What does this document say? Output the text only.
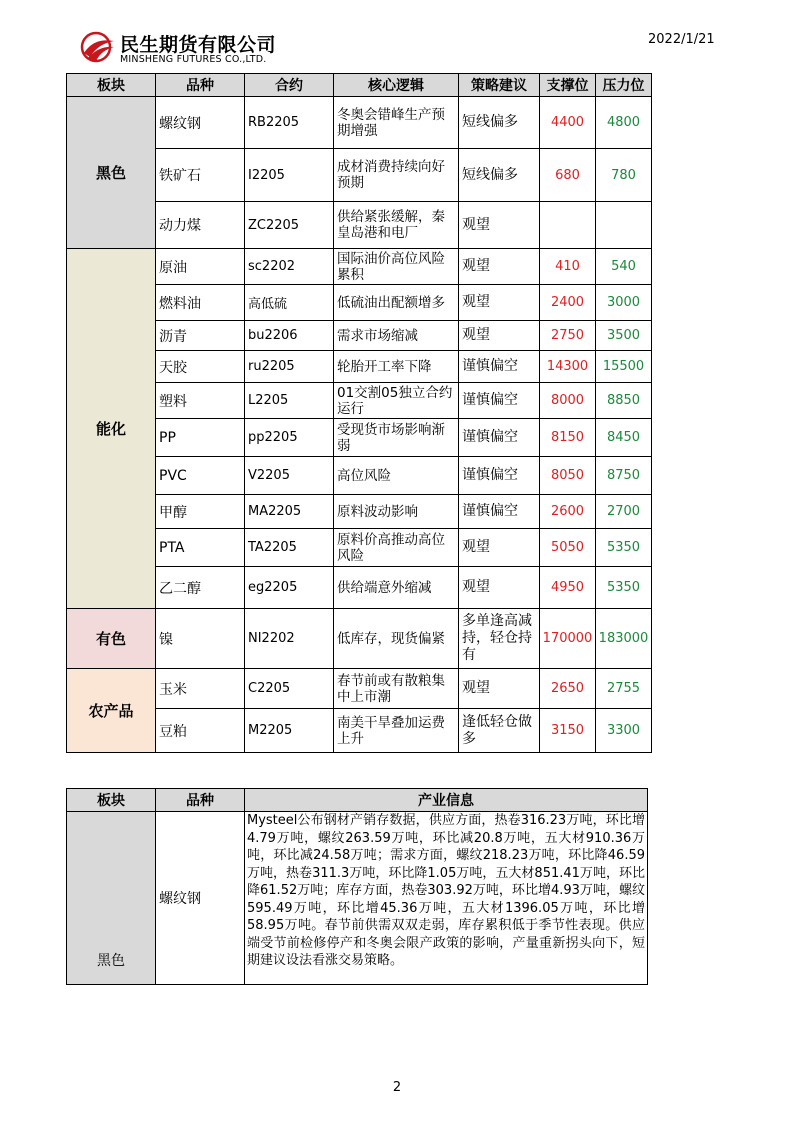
民生期货有限公司
MINSHENG FUTURES CO.,LTD.
2022/1/21
板块	品种	合约	核心逻辑	策略建议	支撑位	压力位
黑色	螺纹钢	RB2205	冬奥会错峰生产预期增强	短线偏多	4400	4800
	铁矿石	I2205	成材消费持续向好预期	短线偏多	680	780
	动力煤	ZC2205	供给紧张缓解，秦皇岛港和电厂	观望		
能化	原油	sc2202	国际油价高位风险累积	观望	410	540
	燃料油	高低硫	低硫油出配额增多	观望	2400	3000
	沥青	bu2206	需求市场缩减	观望	2750	3500
	天胶	ru2205	轮胎开工率下降	谨慎偏空	14300	15500
	塑料	L2205	01交割05独立合约运行	谨慎偏空	8000	8850
	PP	pp2205	受现货市场影响渐弱	谨慎偏空	8150	8450
	PVC	V2205	高位风险	谨慎偏空	8050	8750
	甲醇	MA2205	原料波动影响	谨慎偏空	2600	2700
	PTA	TA2205	原料价高推动高位风险	观望	5050	5350
	乙二醇	eg2205	供给端意外缩减	观望	4950	5350
有色	镍	NI2202	低库存，现货偏紧	多单逢高减持，轻仓持有	170000	183000
农产品	玉米	C2205	春节前或有散粮集中上市潮	观望	2650	2755
	豆粕	M2205	南美干旱叠加运费上升	逢低轻仓做多	3150	3300
板块	品种	产业信息
黑色	螺纹钢	Mysteel公布钢材产销存数据，供应方面，热卷316.23万吨，环比增4.79万吨，螺纹263.59万吨，环比减20.8万吨，五大材910.36万吨，环比减24.58万吨；需求方面，螺纹218.23万吨，环比降46.59万吨，热卷311.3万吨，环比降1.05万吨，五大材851.41万吨，环比降61.52万吨；库存方面，热卷303.92万吨，环比增4.93万吨，螺纹595.49万吨，环比增45.36万吨，五大材1396.05万吨，环比增58.95万吨。春节前供需双双走弱，库存累积低于季节性表现。供应端受节前检修停产和冬奥会限产政策的影响，产量重新拐头向下，短期建议设法看涨交易策略。
2
